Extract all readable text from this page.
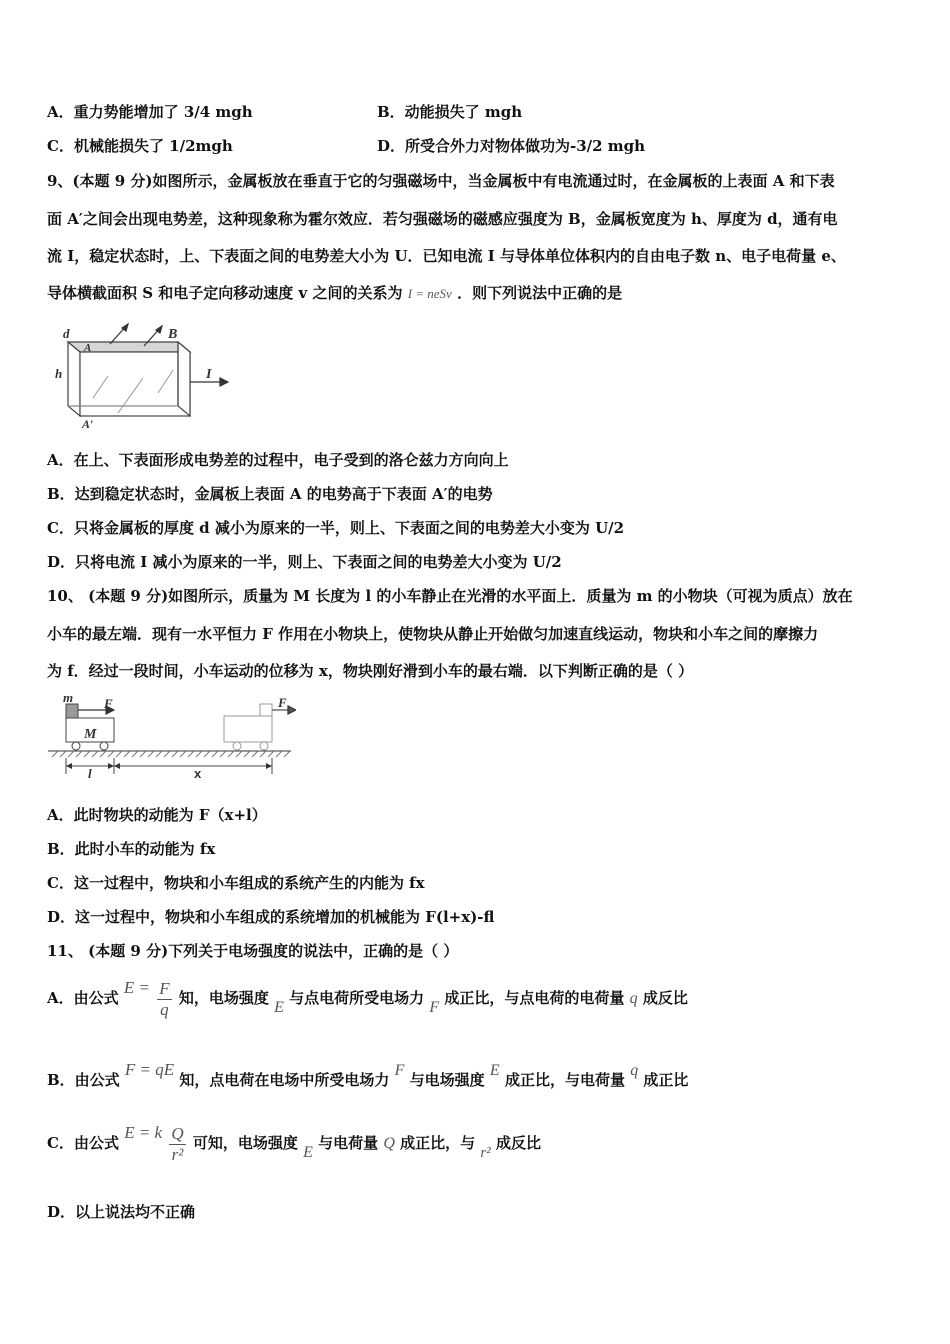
A．重力势能增加了 3/4 mgh	B．动能损失了 mgh
C．机械能损失了 1/2mgh	D．所受合外力对物体做功为-3/2 mgh
9、(本题 9 分)如图所示，金属板放在垂直于它的匀强磁场中，当金属板中有电流通过时，在金属板的上表面 A 和下表
面 A′之间会出现电势差，这种现象称为霍尔效应．若匀强磁场的磁感应强度为 B，金属板宽度为 h、厚度为 d，通有电
流 I，稳定状态时，上、下表面之间的电势差大小为 U．已知电流 I 与导体单位体积内的自由电子数 n、电子电荷量 e、
导体横截面积 S 和电子定向移动速度 v 之间的关系为 I = neSv ．则下列说法中正确的是
d	B
A
h	I
A′
A．在上、下表面形成电势差的过程中，电子受到的洛仑兹力方向向上
B．达到稳定状态时，金属板上表面 A 的电势高于下表面 A′的电势
C．只将金属板的厚度 d 减小为原来的一半，则上、下表面之间的电势差大小变为 U/2
D．只将电流 I 减小为原来的一半，则上、下表面之间的电势差大小变为 U/2
10、 (本题 9 分)如图所示，质量为 M 长度为 l 的小车静止在光滑的水平面上．质量为 m 的小物块（可视为质点）放在
小车的最左端．现有一水平恒力 F 作用在小物块上，使物块从静止开始做匀加速直线运动，物块和小车之间的摩擦力
为 f．经过一段时间，小车运动的位移为 x，物块刚好滑到小车的最右端．以下判断正确的是（ ）
m F
M
F
l	x
A．此时物块的动能为 F（x+l）
B．此时小车的动能为 fx
C．这一过程中，物块和小车组成的系统产生的内能为 fx
D．这一过程中，物块和小车组成的系统增加的机械能为 F(l+x)-fl
11、 (本题 9 分)下列关于电场强度的说法中，正确的是（ ）
A．由公式 $E = \frac{F}{q}$ 知，电场强度 E 与点电荷所受电场力 F 成正比，与点电荷的电荷量 q 成反比
B．由公式 F = qE 知，点电荷在电场中所受电场力 F 与电场强度 E 成正比，与电荷量 q 成正比
C．由公式 E = k $\frac{Q}{\text{r²}}$ 可知，电场强度 E 与电荷量 Q 成正比，与 r² 成反比
D．以上说法均不正确
